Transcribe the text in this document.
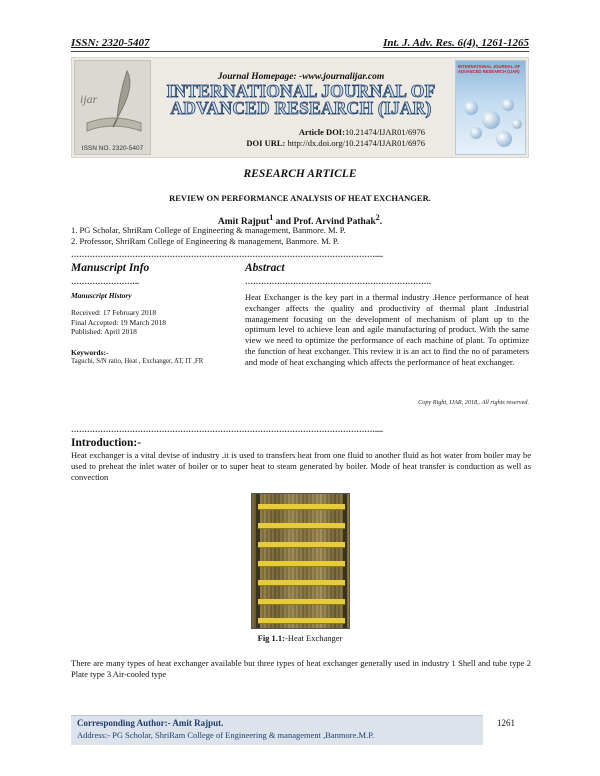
ISSN: 2320-5407	Int. J. Adv. Res. 6(4), 1261-1265
ijar
ISSN NO. 2320-5407
Journal Homepage: -www.journalijar.com
INTERNATIONAL JOURNAL OF ADVANCED RESEARCH (IJAR)
Article DOI:10.21474/IJAR01/6976
DOI URL: http://dx.doi.org/10.21474/IJAR01/6976
INTERNATIONAL JOURNAL OF ADVANCED RESEARCH (IJAR)
RESEARCH ARTICLE
REVIEW ON PERFORMANCE ANALYSIS OF HEAT EXCHANGER.
Amit Rajput$^1$ and Prof. Arvind Pathak$^2$.
1. PG Scholar, ShriRam College of Engineering & management, Banmore. M. P.
2. Professor, ShriRam College of Engineering & management, Banmore. M. P.
……………………………………………………………………………………………………....
Manuscript Info
……………………..
Manuscript History
Received: 17 February 2018
Final Accepted: 19 March 2018
Published: April 2018
Keywords:-
Taguchi, S/N ratio, Heat , Exchanger, AT, IT ,FR
Abstract
…………………………………………………………….
Heat Exchanger is the key part in a thermal industry .Hence performance of heat exchanger affects the quality and productivity of thermal plant .Industrial management focusing on the development of mechanism of plant up to the optimum level to achieve lean and agile manufacturing of product. With the same view we need to optimize the performance of each machine of plant. To optimize the function of heat exchanger. This review it is an act to find the no of parameters and mode of heat exchanging which affects the performance of heat exchanger.
Copy Right, IJAR, 2018,. All rights reserved.
……………………………………………………………………………………………………....
Introduction:-
Heat exchanger is a vital devise of industry .it is used to transfers heat from one fluid to another fluid as hot water from boiler may be used to preheat the inlet water of boiler or to super heat to steam generated by boiler. Mode of heat transfer is conduction as well as convection
Fig 1.1:-Heat Exchanger
There are many types of heat exchanger available but three types of heat exchanger generally used in industry 1 Shell and tube type 2 Plate type 3 Air-cooled type
Corresponding Author:- Amit Rajput.
Address:- PG Scholar, ShriRam College of Engineering & management ,Banmore.M.P.
1261
